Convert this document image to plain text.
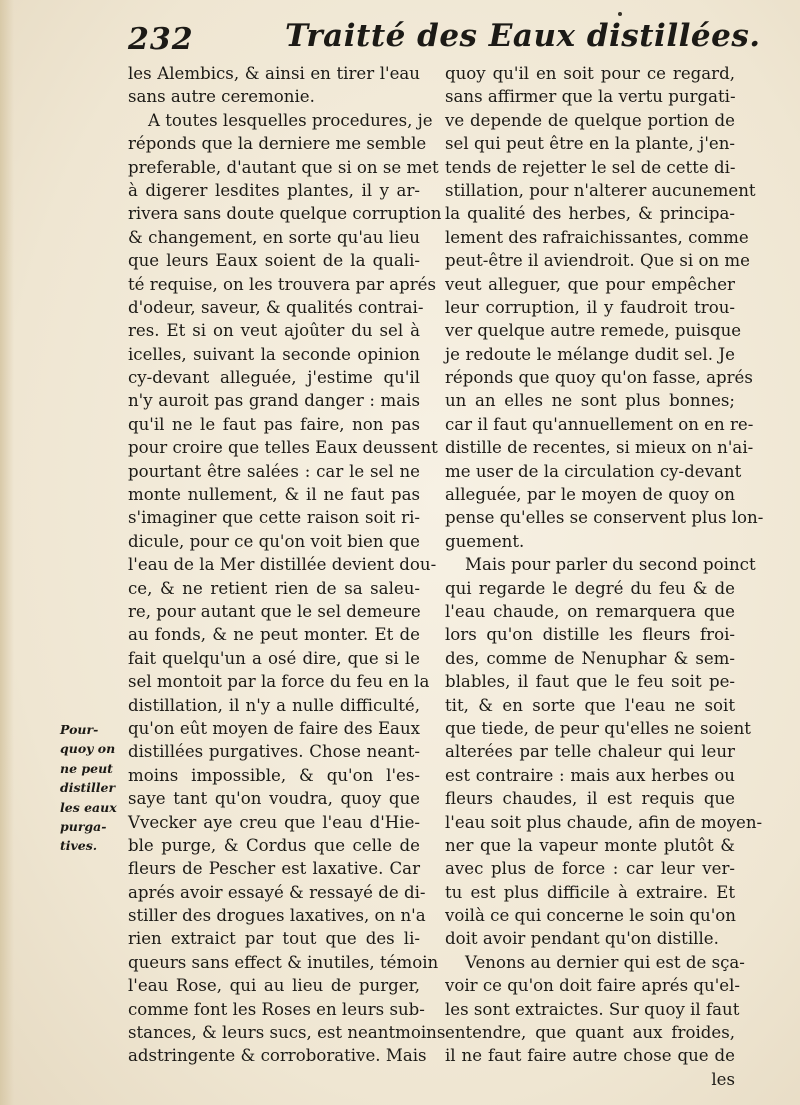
232	Traitté des Eaux distillées.
Pour-
quoy on
ne peut
distiller
les eaux
purga-
tives.
les Alembics, & ainsi en tirer l'eau
sans autre ceremonie.
A toutes lesquelles procedures, je
réponds que la derniere me semble
preferable, d'autant que si on se met
à digerer lesdites plantes, il y ar-
rivera sans doute quelque corruption
& changement, en sorte qu'au lieu
que leurs Eaux soient de la quali-
té requise, on les trouvera par aprés
d'odeur, saveur, & qualités contrai-
res. Et si on veut ajoûter du sel à
icelles, suivant la seconde opinion
cy-devant alleguée, j'estime qu'il
n'y auroit pas grand danger : mais
qu'il ne le faut pas faire, non pas
pour croire que telles Eaux deussent
pourtant être salées : car le sel ne
monte nullement, & il ne faut pas
s'imaginer que cette raison soit ri-
dicule, pour ce qu'on voit bien que
l'eau de la Mer distillée devient dou-
ce, & ne retient rien de sa saleu-
re, pour autant que le sel demeure
au fonds, & ne peut monter. Et de
fait quelqu'un a osé dire, que si le
sel montoit par la force du feu en la
distillation, il n'y a nulle difficulté,
qu'on eût moyen de faire des Eaux
distillées purgatives. Chose neant-
moins impossible, & qu'on l'es-
saye tant qu'on voudra, quoy que
Vvecker aye creu que l'eau d'Hie-
ble purge, & Cordus que celle de
fleurs de Pescher est laxative. Car
aprés avoir essayé & ressayé de di-
stiller des drogues laxatives, on n'a
rien extraict par tout que des li-
queurs sans effect & inutiles, témoin
l'eau Rose, qui au lieu de purger,
comme font les Roses en leurs sub-
stances, & leurs sucs, est neantmoins
adstringente & corroborative. Mais
quoy qu'il en soit pour ce regard,
sans affirmer que la vertu purgati-
ve depende de quelque portion de
sel qui peut être en la plante, j'en-
tends de rejetter le sel de cette di-
stillation, pour n'alterer aucunement
la qualité des herbes, & principa-
lement des rafraichissantes, comme
peut-être il aviendroit. Que si on me
veut alleguer, que pour empêcher
leur corruption, il y faudroit trou-
ver quelque autre remede, puisque
je redoute le mélange dudit sel. Je
réponds que quoy qu'on fasse, aprés
un an elles ne sont plus bonnes;
car il faut qu'annuellement on en re-
distille de recentes, si mieux on n'ai-
me user de la circulation cy-devant
alleguée, par le moyen de quoy on
pense qu'elles se conservent plus lon-
guement.
Mais pour parler du second poinct
qui regarde le degré du feu & de
l'eau chaude, on remarquera que
lors qu'on distille les fleurs froi-
des, comme de Nenuphar & sem-
blables, il faut que le feu soit pe-
tit, & en sorte que l'eau ne soit
que tiede, de peur qu'elles ne soient
alterées par telle chaleur qui leur
est contraire : mais aux herbes ou
fleurs chaudes, il est requis que
l'eau soit plus chaude, afin de moyen-
ner que la vapeur monte plutôt &
avec plus de force : car leur ver-
tu est plus difficile à extraire. Et
voilà ce qui concerne le soin qu'on
doit avoir pendant qu'on distille.
Venons au dernier qui est de sça-
voir ce qu'on doit faire aprés qu'el-
les sont extraictes. Sur quoy il faut
entendre, que quant aux froides,
il ne faut faire autre chose que de
les
